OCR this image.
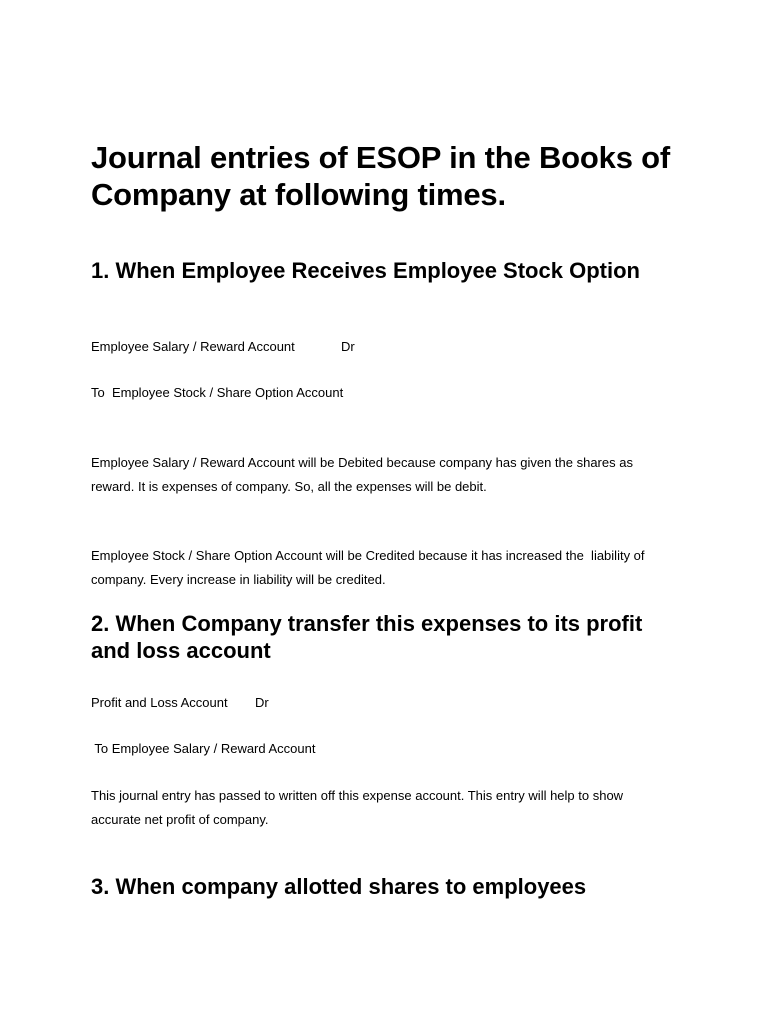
Journal entries of ESOP in the Books of
Company at following times.
1. When Employee Receives Employee Stock Option

Employee Salary / Reward Account	Dr

To  Employee Stock / Share Option Account

Employee Salary / Reward Account will be Debited because company has given the shares as

reward. It is expenses of company. So, all the expenses will be debit.

Employee Stock / Share Option Account will be Credited because it has increased the  liability of

company. Every increase in liability will be credited.

2. When Company transfer this expenses to its profit
and loss account

Profit and Loss Account Dr

To Employee Salary / Reward Account

This journal entry has passed to written off this expense account. This entry will help to show

accurate net profit of company.

3. When company allotted shares to employees
